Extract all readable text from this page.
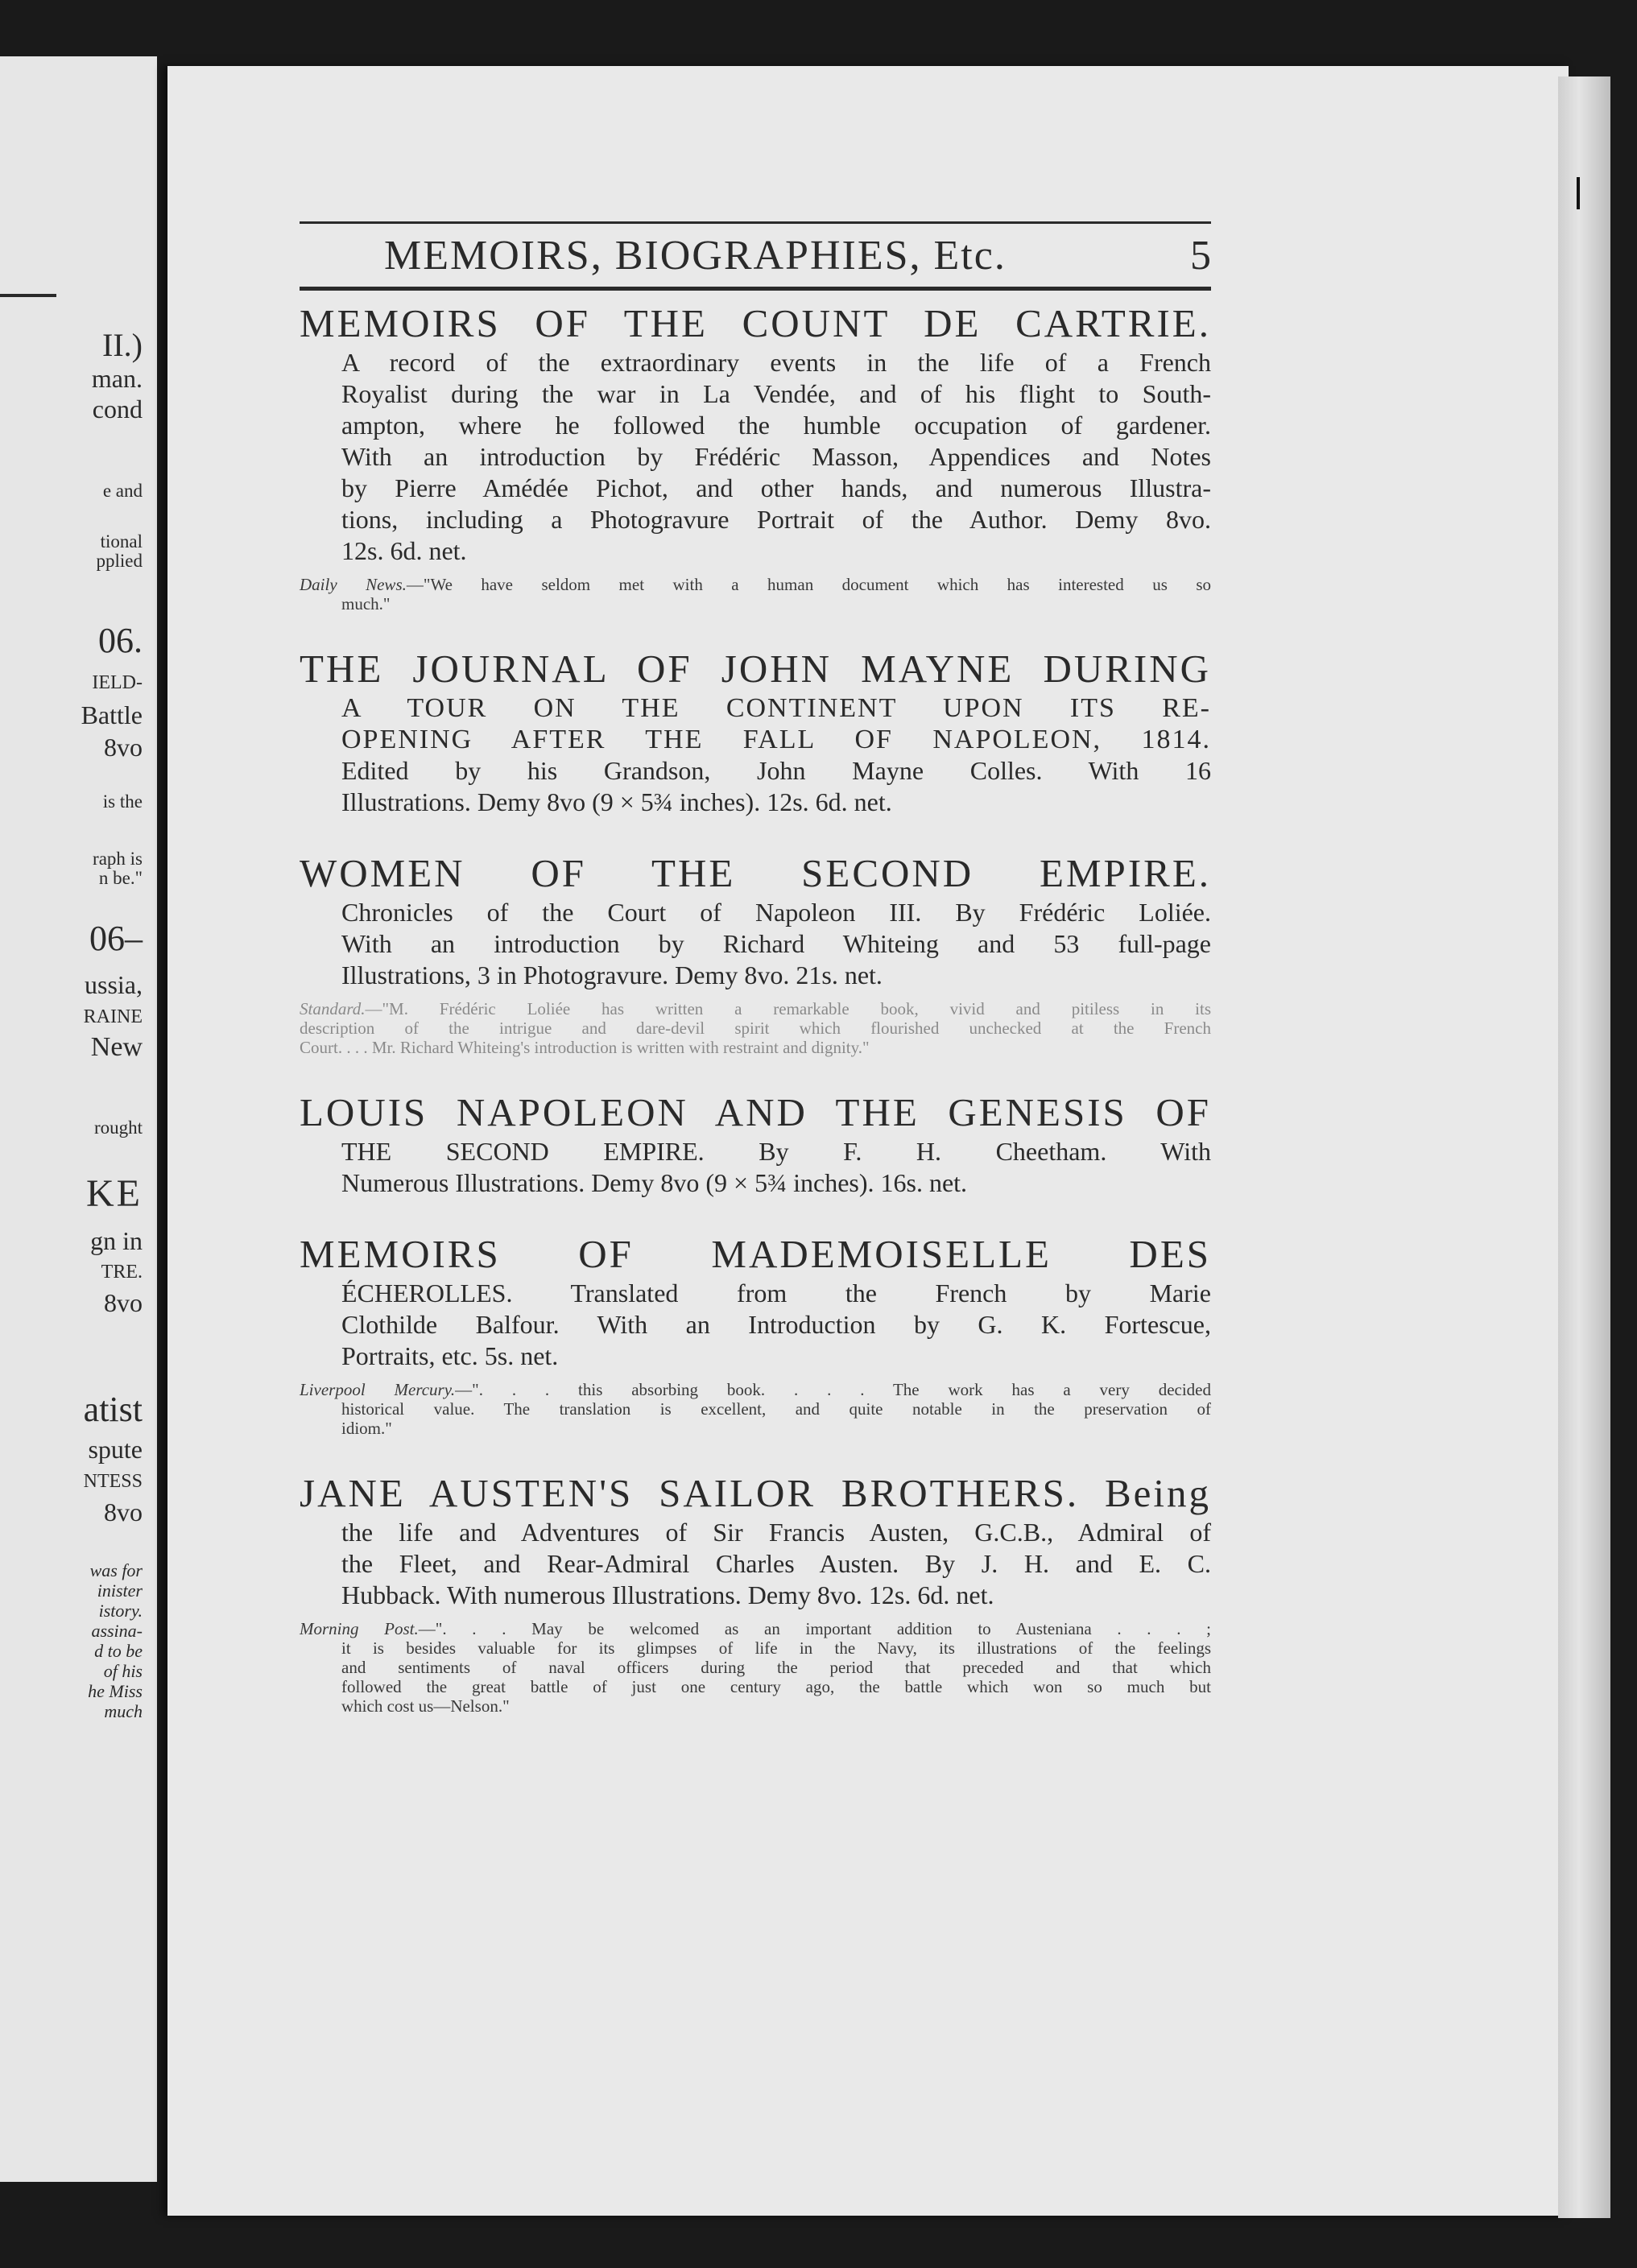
II.)
man.
cond
e and
tional
pplied
06.
IELD-
Battle
8vo
is the
raph is
n be."
06–
ussia,
RAINE
New
rought
KE
gn in
TRE.
8vo
atist
spute
NTESS
8vo
was for
inister
istory.
assina-
d to be
of his
he Miss
much
MEMOIRS, BIOGRAPHIES, Etc.	5
MEMOIRS OF THE COUNT DE CARTRIE.
A record of the extraordinary events in the life of a French
Royalist during the war in La Vendée, and of his flight to South-
ampton, where he followed the humble occupation of gardener.
With an introduction by Frédéric Masson, Appendices and Notes
by Pierre Amédée Pichot, and other hands, and numerous Illustra-
tions, including a Photogravure Portrait of the Author. Demy 8vo.
12s. 6d. net.
Daily News.—"We have seldom met with a human document which has interested us so
much."
THE JOURNAL OF JOHN MAYNE DURING
A TOUR ON THE CONTINENT UPON ITS RE-
OPENING AFTER THE FALL OF NAPOLEON, 1814.
Edited by his Grandson, John Mayne Colles. With 16
Illustrations. Demy 8vo (9 × 5¾ inches). 12s. 6d. net.
WOMEN OF THE SECOND EMPIRE.
Chronicles of the Court of Napoleon III. By Frédéric Loliée.
With an introduction by Richard Whiteing and 53 full-page
Illustrations, 3 in Photogravure. Demy 8vo. 21s. net.
Standard.—"M. Frédéric Loliée has written a remarkable book, vivid and pitiless in its
description of the intrigue and dare-devil spirit which flourished unchecked at the French
Court. . . . Mr. Richard Whiteing's introduction is written with restraint and dignity."
LOUIS NAPOLEON AND THE GENESIS OF
THE SECOND EMPIRE. By F. H. Cheetham. With
Numerous Illustrations. Demy 8vo (9 × 5¾ inches). 16s. net.
MEMOIRS OF MADEMOISELLE DES
ÉCHEROLLES. Translated from the French by Marie
Clothilde Balfour. With an Introduction by G. K. Fortescue,
Portraits, etc. 5s. net.
Liverpool Mercury.—". . . this absorbing book. . . . The work has a very decided
historical value. The translation is excellent, and quite notable in the preservation of
idiom."
JANE AUSTEN'S SAILOR BROTHERS. Being
the life and Adventures of Sir Francis Austen, G.C.B., Admiral of
the Fleet, and Rear-Admiral Charles Austen. By J. H. and E. C.
Hubback. With numerous Illustrations. Demy 8vo. 12s. 6d. net.
Morning Post.—". . . May be welcomed as an important addition to Austeniana . . . ;
it is besides valuable for its glimpses of life in the Navy, its illustrations of the feelings
and sentiments of naval officers during the period that preceded and that which
followed the great battle of just one century ago, the battle which won so much but
which cost us—Nelson."
